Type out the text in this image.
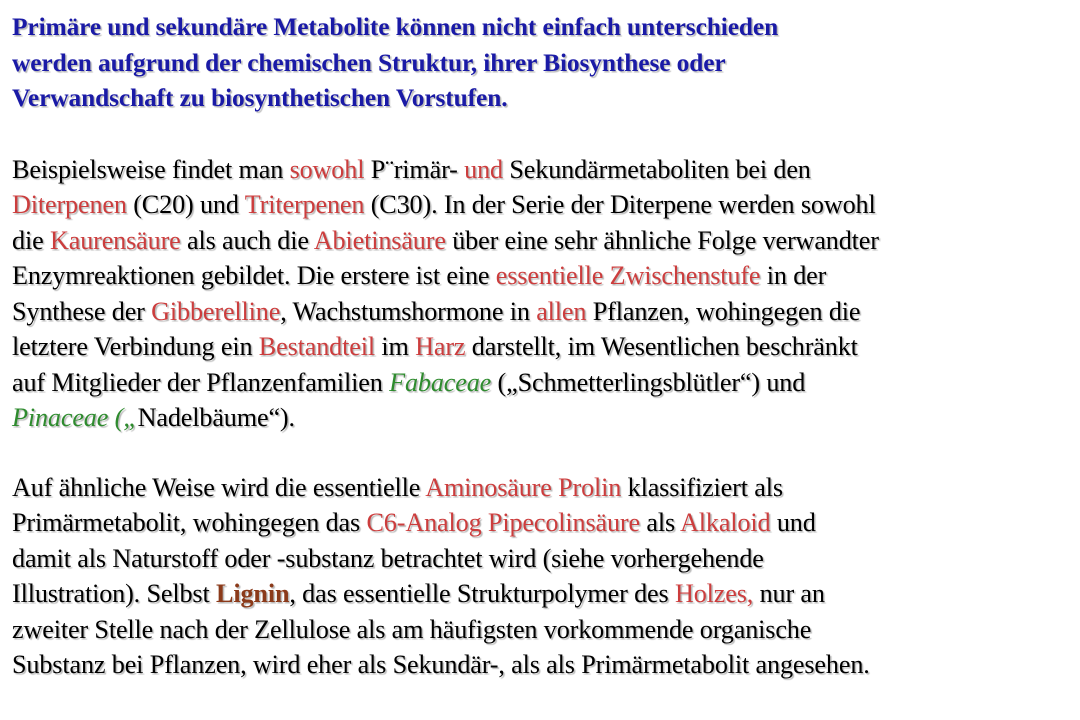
Primäre und sekundäre Metabolite können nicht einfach unterschieden
werden aufgrund der chemischen Struktur, ihrer Biosynthese oder
Verwandschaft zu biosynthetischen Vorstufen.

Beispielsweise findet man sowohl P¨rimär- und Sekundärmetaboliten bei den
Diterpenen (C20) und Triterpenen (C30). In der Serie der Diterpene werden sowohl
die Kaurensäure als auch die Abietinsäure über eine sehr ähnliche Folge verwandter
Enzymreaktionen gebildet. Die erstere ist eine essentielle Zwischenstufe in der
Synthese der Gibberelline, Wachstumshormone in allen Pflanzen, wohingegen die
letztere Verbindung ein Bestandteil im Harz darstellt, im Wesentlichen beschränkt
auf Mitglieder der Pflanzenfamilien Fabaceae („Schmetterlingsblütler“) und
Pinaceae („Nadelbäume“).

Auf ähnliche Weise wird die essentielle Aminosäure Prolin klassifiziert als
Primärmetabolit, wohingegen das C6-Analog Pipecolinsäure als Alkaloid und
damit als Naturstoff oder -substanz betrachtet wird (siehe vorhergehende
Illustration). Selbst Lignin, das essentielle Strukturpolymer des Holzes, nur an
zweiter Stelle nach der Zellulose als am häufigsten vorkommende organische
Substanz bei Pflanzen, wird eher als Sekundär-, als als Primärmetabolit angesehen.
